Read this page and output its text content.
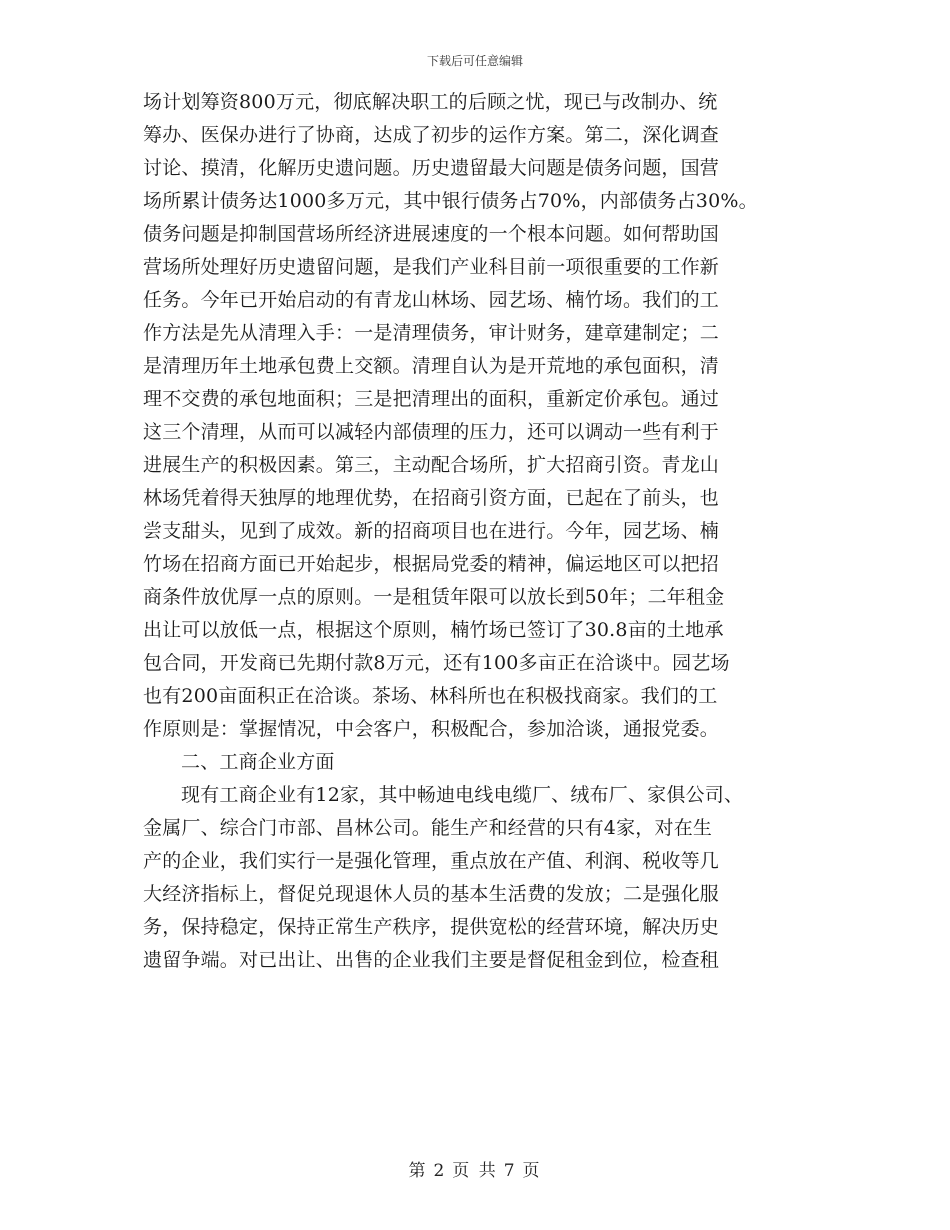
下载后可任意编辑
场计划筹资800万元，彻底解决职工的后顾之忧，现已与改制办、统
筹办、医保办进行了协商，达成了初步的运作方案。第二，深化调查
讨论、摸清，化解历史遗问题。历史遗留最大问题是债务问题，国营
场所累计债务达1000多万元，其中银行债务占70%，内部债务占30%。
债务问题是抑制国营场所经济进展速度的一个根本问题。如何帮助国
营场所处理好历史遗留问题，是我们产业科目前一项很重要的工作新
任务。今年已开始启动的有青龙山林场、园艺场、楠竹场。我们的工
作方法是先从清理入手：一是清理债务，审计财务，建章建制定；二
是清理历年土地承包费上交额。清理自认为是开荒地的承包面积，清
理不交费的承包地面积；三是把清理出的面积，重新定价承包。通过
这三个清理，从而可以减轻内部债理的压力，还可以调动一些有利于
进展生产的积极因素。第三，主动配合场所，扩大招商引资。青龙山
林场凭着得天独厚的地理优势，在招商引资方面，已起在了前头，也
尝支甜头，见到了成效。新的招商项目也在进行。今年，园艺场、楠
竹场在招商方面已开始起步，根据局党委的精神，偏运地区可以把招
商条件放优厚一点的原则。一是租赁年限可以放长到50年；二年租金
出让可以放低一点，根据这个原则，楠竹场已签订了30.8亩的土地承
包合同，开发商已先期付款8万元，还有100多亩正在洽谈中。园艺场
也有200亩面积正在洽谈。茶场、林科所也在积极找商家。我们的工
作原则是：掌握情况，中会客户，积极配合，参加洽谈，通报党委。
二、工商企业方面
现有工商企业有12家，其中畅迪电线电缆厂、绒布厂、家俱公司、
金属厂、综合门市部、昌林公司。能生产和经营的只有4家，对在生
产的企业，我们实行一是强化管理，重点放在产值、利润、税收等几
大经济指标上，督促兑现退休人员的基本生活费的发放；二是强化服
务，保持稳定，保持正常生产秩序，提供宽松的经营环境，解决历史
遗留争端。对已出让、出售的企业我们主要是督促租金到位，检查租
第 2 页 共 7 页
